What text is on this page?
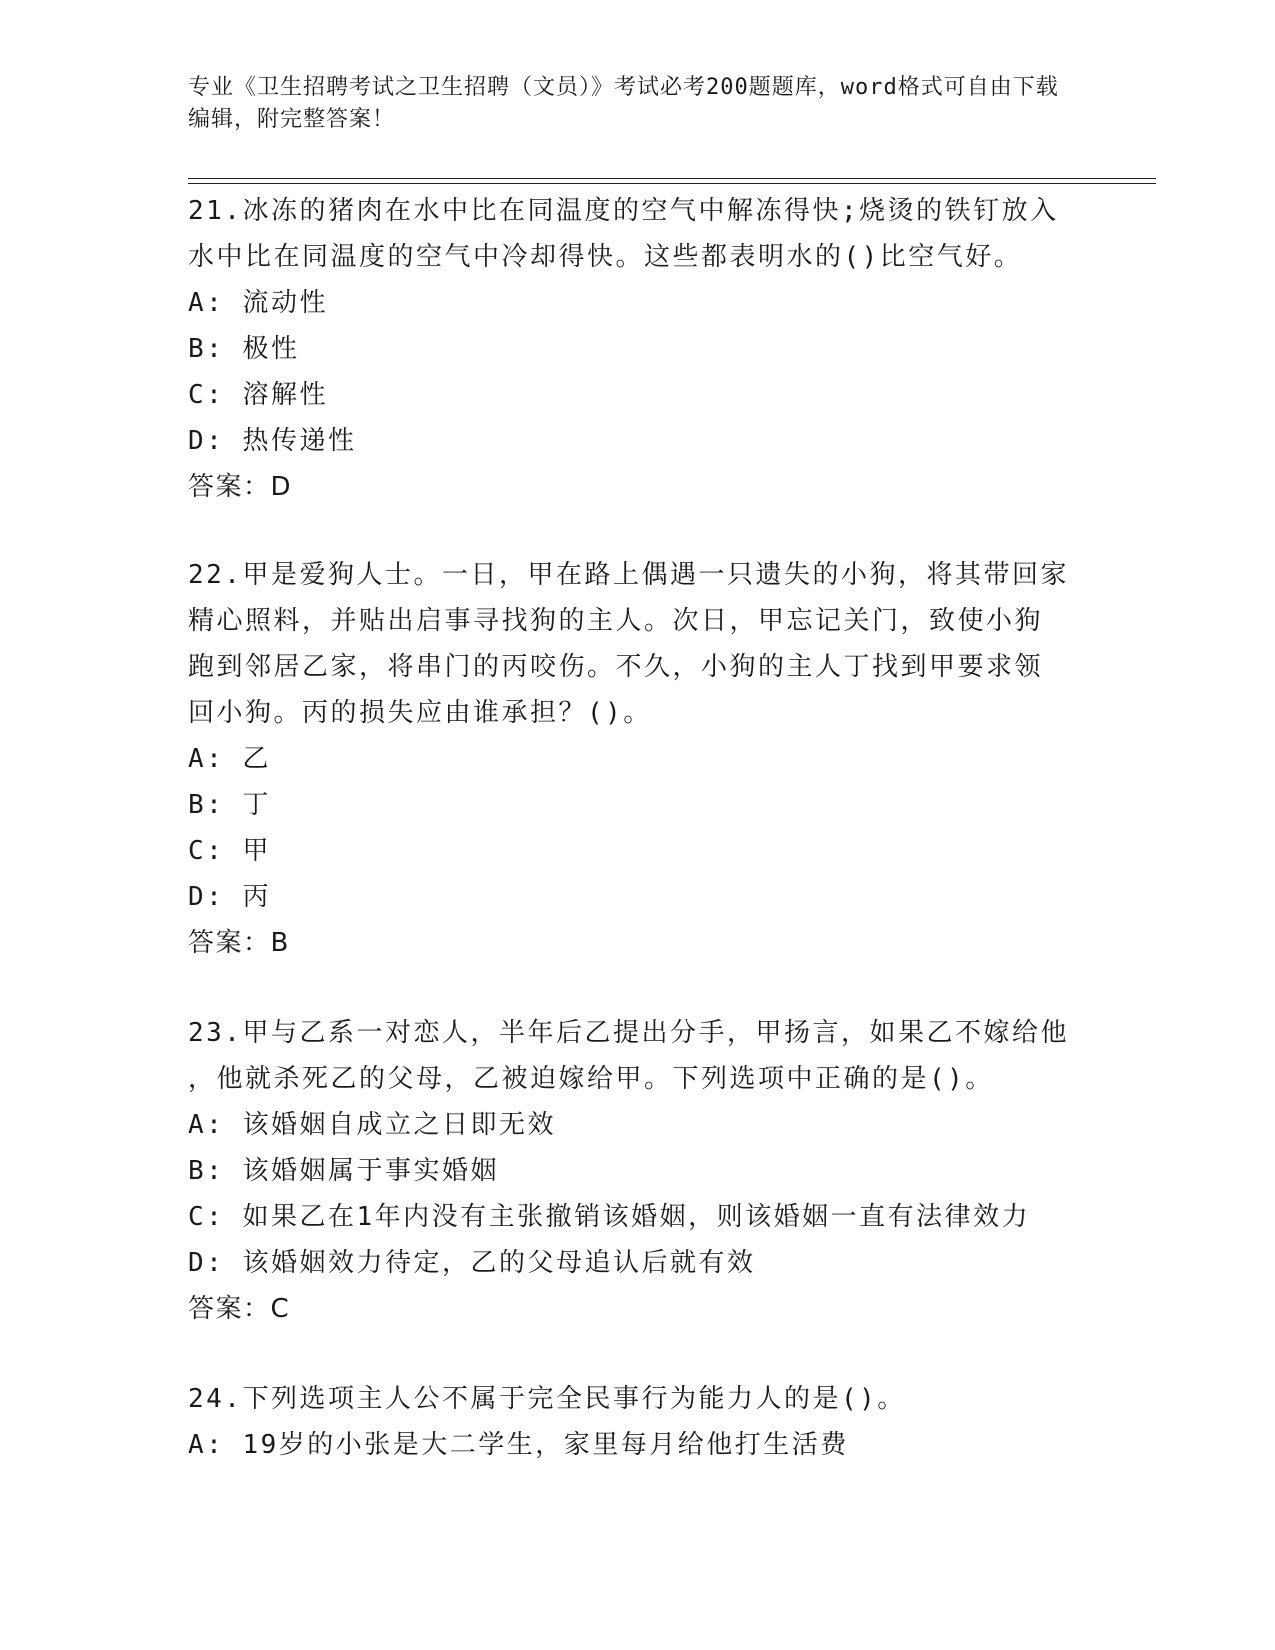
专业《卫生招聘考试之卫生招聘（文员）》考试必考200题题库，word格式可自由下载编辑，附完整答案！
21.冰冻的猪肉在水中比在同温度的空气中解冻得快;烧烫的铁钉放入
水中比在同温度的空气中冷却得快。这些都表明水的()比空气好。
A: 流动性
B: 极性
C: 溶解性
D: 热传递性
答案：D
22.甲是爱狗人士。一日，甲在路上偶遇一只遗失的小狗，将其带回家
精心照料，并贴出启事寻找狗的主人。次日，甲忘记关门，致使小狗
跑到邻居乙家，将串门的丙咬伤。不久，小狗的主人丁找到甲要求领
回小狗。丙的损失应由谁承担？()。
A: 乙
B: 丁
C: 甲
D: 丙
答案：B
23.甲与乙系一对恋人，半年后乙提出分手，甲扬言，如果乙不嫁给他
，他就杀死乙的父母，乙被迫嫁给甲。下列选项中正确的是()。
A: 该婚姻自成立之日即无效
B: 该婚姻属于事实婚姻
C: 如果乙在1年内没有主张撤销该婚姻，则该婚姻一直有法律效力
D: 该婚姻效力待定，乙的父母追认后就有效
答案：C
24.下列选项主人公不属于完全民事行为能力人的是()。
A: 19岁的小张是大二学生，家里每月给他打生活费
